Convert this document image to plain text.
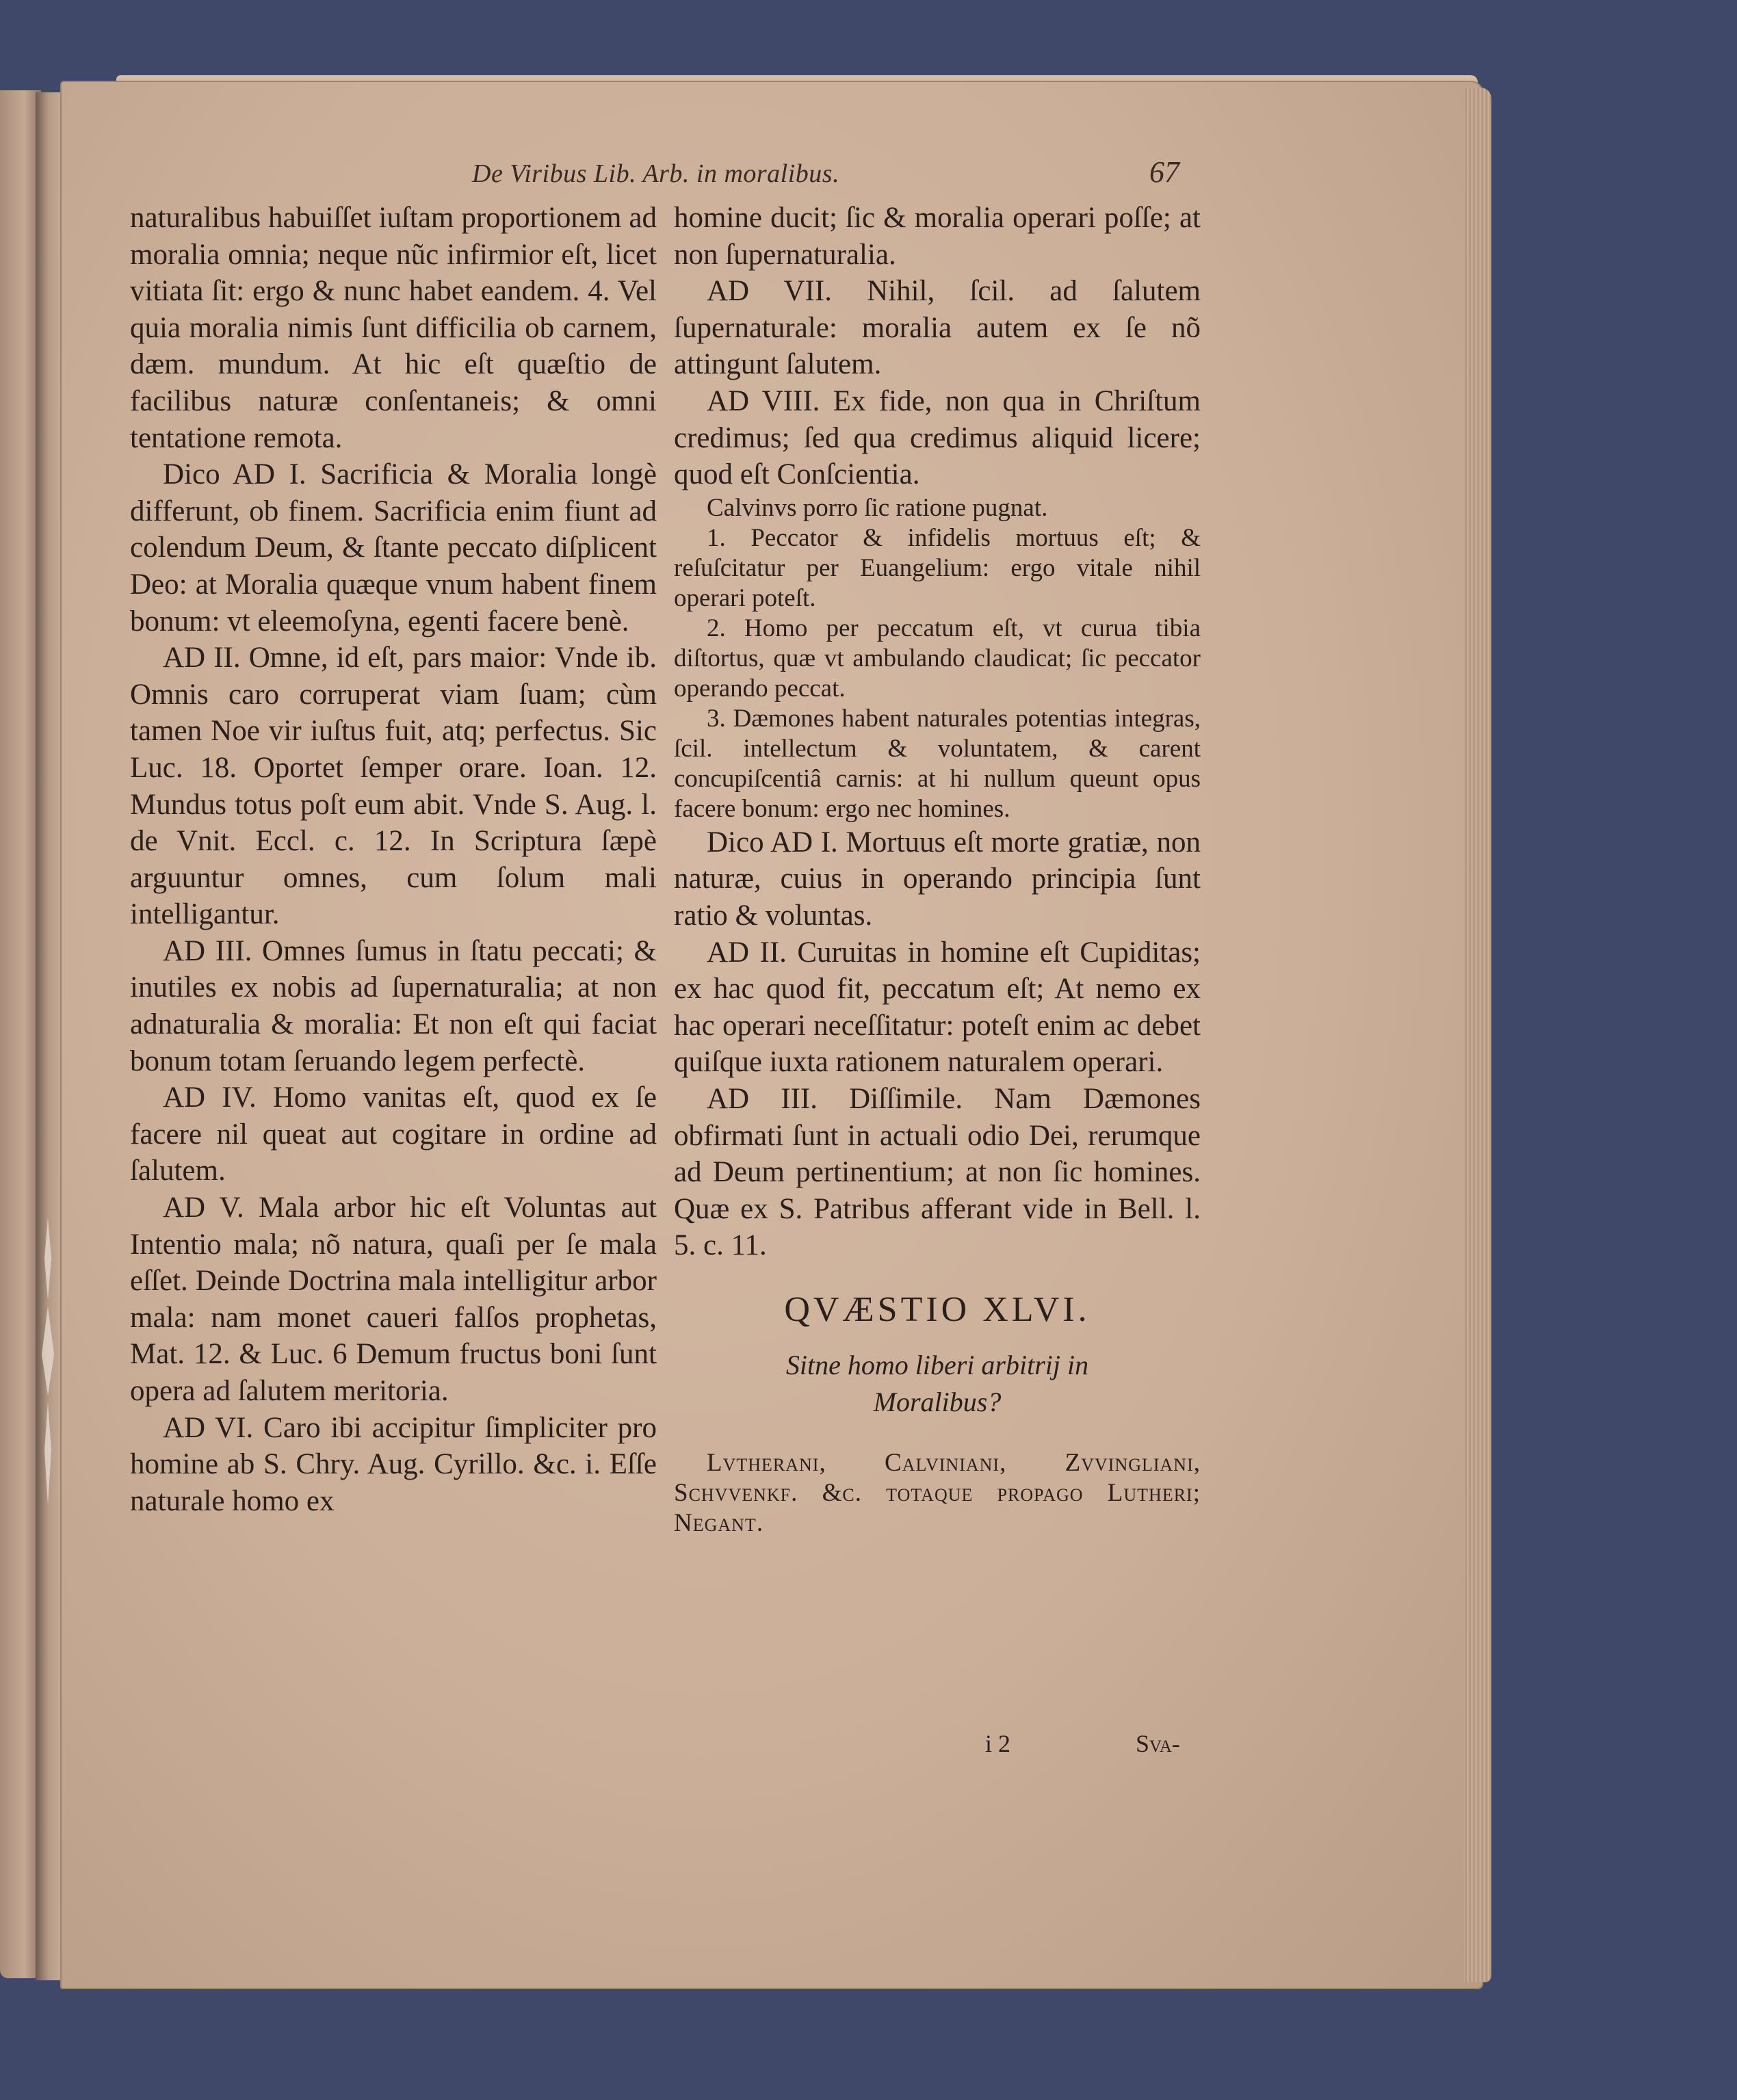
De Viribus Lib. Arb. in moralibus.	67

naturalibus habuiſſet iuſtam proportionem ad moralia omnia; neque nũc infirmior eſt, licet vitiata ſit: ergo & nunc habet eandem. 4. Vel quia moralia nimis ſunt difficilia ob carnem, dæm. mundum. At hic eſt quæſtio de facilibus naturæ conſentaneis; & omni tentatione remota.

Dico AD I. Sacrificia & Moralia longè differunt, ob finem. Sacrificia enim fiunt ad colendum Deum, & ſtante peccato diſplicent Deo: at Moralia quæque vnum habent finem bonum: vt eleemoſyna, egenti facere benè.

AD II. Omne, id eſt, pars maior: Vnde ib. Omnis caro corruperat viam ſuam; cùm tamen Noe vir iuſtus fuit, atq; perfectus. Sic Luc. 18. Oportet ſemper orare. Ioan. 12. Mundus totus poſt eum abit. Vnde S. Aug. l. de Vnit. Eccl. c. 12. In Scriptura ſæpè arguuntur omnes, cum ſolum mali intelligantur.

AD III. Omnes ſumus in ſtatu peccati; & inutiles ex nobis ad ſupernaturalia; at non adnaturalia & moralia: Et non eſt qui faciat bonum totam ſeruando legem perfectè.

AD IV. Homo vanitas eſt, quod ex ſe facere nil queat aut cogitare in ordine ad ſalutem.

AD V. Mala arbor hic eſt Voluntas aut Intentio mala; nõ natura, quaſi per ſe mala eſſet. Deinde Doctrina mala intelligitur arbor mala: nam monet caueri falſos prophetas, Mat. 12. & Luc. 6 Demum fructus boni ſunt opera ad ſalutem meritoria.

AD VI. Caro ibi accipitur ſimpliciter pro homine ab S. Chry. Aug. Cyrillo. &c. i. Eſſe naturale homo ex

homine ducit; ſic & moralia operari poſſe; at non ſupernaturalia.

AD VII. Nihil, ſcil. ad ſalutem ſupernaturale: moralia autem ex ſe nõ attingunt ſalutem.

AD VIII. Ex fide, non qua in Chriſtum credimus; ſed qua credimus aliquid licere; quod eſt Conſcientia.

Calvinvs porro ſic ratione pugnat.

1. Peccator & infidelis mortuus eſt; & reſuſcitatur per Euangelium: ergo vitale nihil operari poteſt.

2. Homo per peccatum eſt, vt curua tibia diſtortus, quæ vt ambulando claudicat; ſic peccator operando peccat.

3. Dæmones habent naturales potentias integras, ſcil. intellectum & voluntatem, & carent concupiſcentiâ carnis: at hi nullum queunt opus facere bonum: ergo nec homines.

Dico AD I. Mortuus eſt morte gratiæ, non naturæ, cuius in operando principia ſunt ratio & voluntas.

AD II. Curuitas in homine eſt Cupiditas; ex hac quod fit, peccatum eſt; At nemo ex hac operari neceſſitatur: poteſt enim ac debet quiſque iuxta rationem naturalem operari.

AD III. Diſſimile. Nam Dæmones obfirmati ſunt in actuali odio Dei, rerumque ad Deum pertinentium; at non ſic homines. Quæ ex S. Patribus afferant vide in Bell. l. 5. c. 11.

QVÆSTIO XLVI.
Sitne homo liberi arbitrij in Moralibus?

Lvtherani, Calviniani, Zvvingliani, Schvvenkf. &c. totaque propago Lutheri; Negant.

i 2	Sva-
